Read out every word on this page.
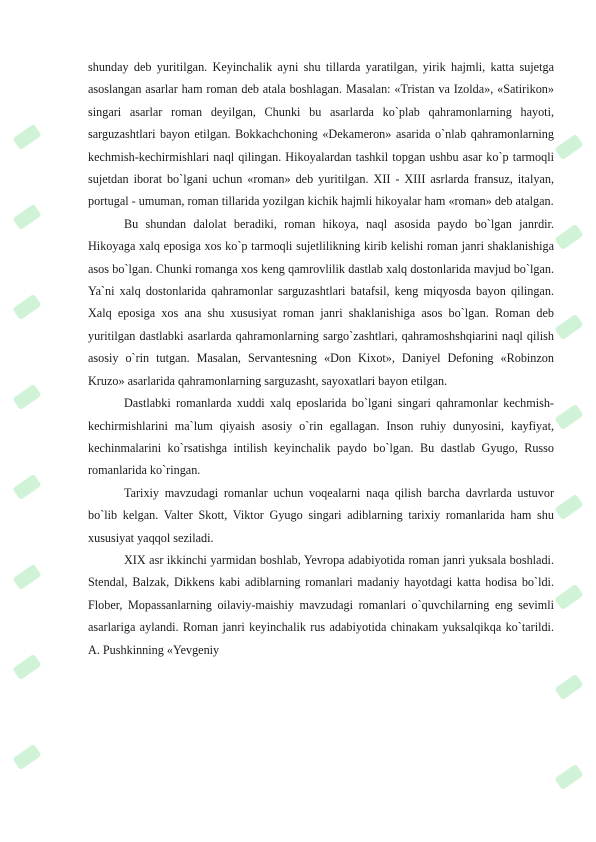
shunday deb yuritilgan. Keyinchalik ayni shu tillarda yaratilgan, yirik hajmli, katta sujetga asoslangan asarlar ham roman deb atala boshlagan. Masalan: «Tristan va Izolda», «Satirikon» singari asarlar roman deyilgan, Chunki bu asarlarda ko`plab qahramonlarning hayoti, sarguzashtlari bayon etilgan. Bokkachchoning «Dekameron» asarida o`nlab qahramonlarning kechmish-kechirmishlari naql qilingan. Hikoyalardan tashkil topgan ushbu asar ko`p tarmoqli sujetdan iborat bo`lgani uchun «roman» deb yuritilgan. XII - XIII asrlarda fransuz, italyan, portugal - umuman, roman tillarida yozilgan kichik hajmli hikoyalar ham «roman» deb atalgan.

Bu shundan dalolat beradiki, roman hikoya, naql asosida paydo bo`lgan janrdir. Hikoyaga xalq eposiga xos ko`p tarmoqli sujetlilikning kirib kelishi roman janri shaklanishiga asos bo`lgan. Chunki romanga xos keng qamrovlilik dastlab xalq dostonlarida mavjud bo`lgan. Ya`ni xalq dostonlarida qahramonlar sarguzashtlari batafsil, keng miqyosda bayon qilingan. Xalq eposiga xos ana shu xususiyat roman janri shaklanishiga asos bo`lgan. Roman deb yuritilgan dastlabki asarlarda qahramonlarning sargo`zashtlari, qahramoshshqiarini naql qilish asosiy o`rin tutgan. Masalan, Servantesning «Don Kixot», Daniyel Defoning «Robinzon Kruzo» asarlarida qahramonlarning sarguzasht, sayoxatlari bayon etilgan.

Dastlabki romanlarda xuddi xalq eposlarida bo`lgani singari qahramonlar kechmish-kechirmishlarini ma`lum qiyaish asosiy o`rin egallagan. Inson ruhiy dunyosini, kayfiyat, kechinmalarini ko`rsatishga intilish keyinchalik paydo bo`lgan. Bu dastlab Gyugo, Russo romanlarida ko`ringan.

Tarixiy mavzudagi romanlar uchun voqealarni naqa qilish barcha davrlarda ustuvor bo`lib kelgan. Valter Skott, Viktor Gyugo singari adiblarning tarixiy romanlarida ham shu xususiyat yaqqol seziladi.

XIX asr ikkinchi yarmidan boshlab, Yevropa adabiyotida roman janri yuksala boshladi. Stendal, Balzak, Dikkens kabi adiblarning romanlari madaniy hayotdagi katta hodisa bo`ldi. Flober, Mopassanlarning oilaviy-maishiy mavzudagi romanlari o`quvchilarning eng sevimli asarlariga aylandi. Roman janri keyinchalik rus adabiyotida chinakam yuksalqikqa ko`tarildi. A. Pushkinning «Yevgeniy
